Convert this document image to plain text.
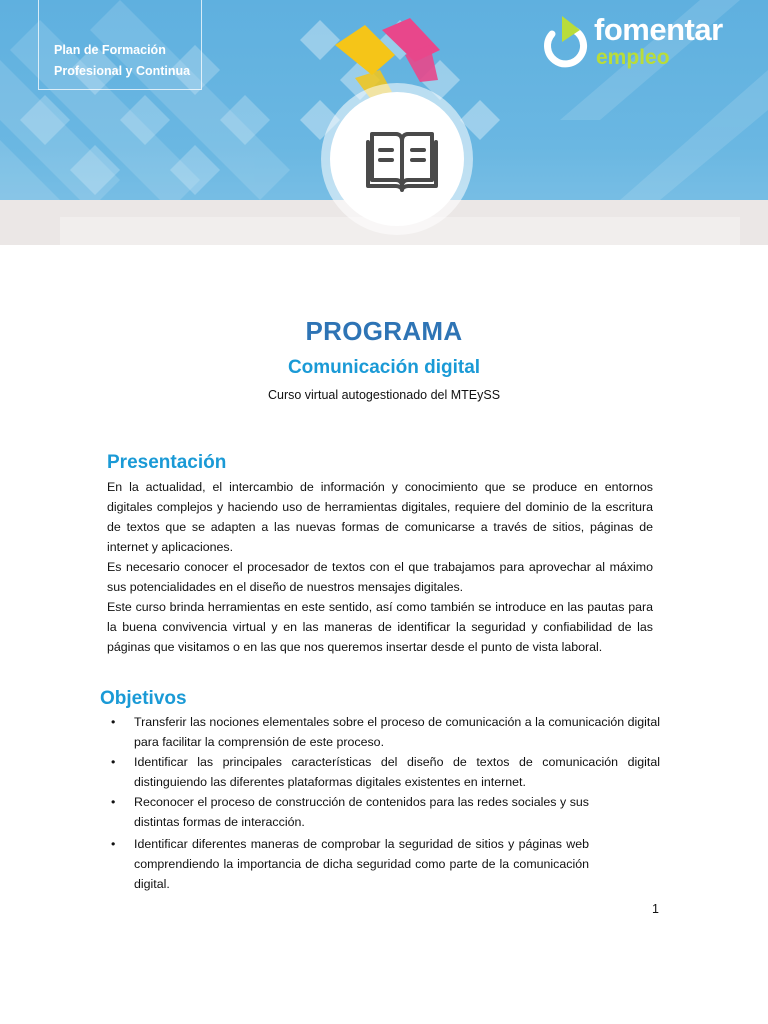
Plan de Formación
Profesional y Continua
fomentar
empleo
PROGRAMA
Comunicación digital
Curso virtual autogestionado del MTEySS
Presentación

En la actualidad, el intercambio de información y conocimiento que se produce en entornos digitales complejos y haciendo uso de herramientas digitales, requiere del dominio de la escritura de textos que se adapten a las nuevas formas de comunicarse a través de sitios, páginas de internet y aplicaciones.

Es necesario conocer el procesador de textos con el que trabajamos para aprovechar al máximo sus potencialidades en el diseño de nuestros mensajes digitales.

Este curso brinda herramientas en este sentido, así como también se introduce en las pautas para la buena convivencia virtual y en las maneras de identificar la seguridad y confiabilidad de las páginas que visitamos o en las que nos queremos insertar desde el punto de vista laboral.

Objetivos
• Transferir las nociones elementales sobre el proceso de comunicación a la comunicación digital para facilitar la comprensión de este proceso.
• Identificar las principales características del diseño de textos de comunicación digital distinguiendo las diferentes plataformas digitales existentes en internet.
• Reconocer el proceso de construcción de contenidos para las redes sociales y sus distintas formas de interacción.
• Identificar diferentes maneras de comprobar la seguridad de sitios y páginas web comprendiendo la importancia de dicha seguridad como parte de la comunicación digital.
1
